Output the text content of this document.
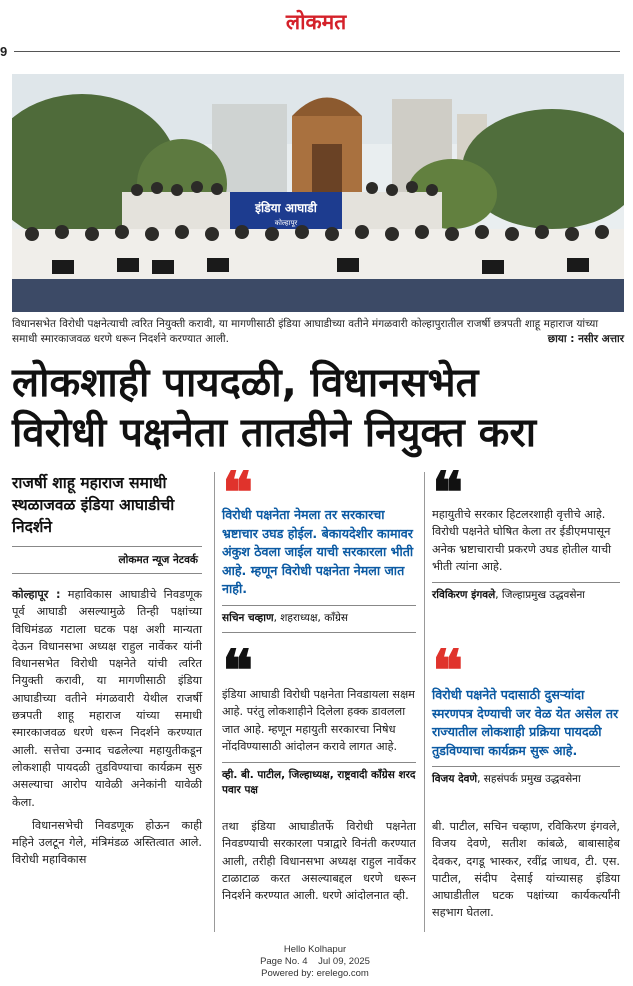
लोकमत
9
इंडिया आघाडी
कोल्हापूर
विधानसभेत विरोधी पक्षनेत्याची त्वरित नियुक्ती करावी, या मागणीसाठी इंडिया आघाडीच्या वतीने मंगळवारी कोल्हापुरातील राजर्षी छत्रपती शाहू महाराज यांच्या समाधी स्मारकाजवळ धरणे धरून निदर्शने करण्यात आली.	छाया : नसीर अत्तार
लोकशाही पायदळी, विधानसभेत
विरोधी पक्षनेता तातडीने नियुक्त करा
राजर्षी शाहू महाराज समाधी स्थळाजवळ इंडिया आघाडीची निदर्शने
लोकमत न्यूज नेटवर्क

कोल्हापूर : महाविकास आघाडीचे निवडणूक पूर्व आघाडी असल्यामुळे तिन्ही पक्षांच्या विधिमंडळ गटाला घटक पक्ष अशी मान्यता देऊन विधानसभा अध्यक्ष राहुल नार्वेकर यांनी विधानसभेत विरोधी पक्षनेते यांची त्वरित नियुक्ती करावी, या मागणीसाठी इंडिया आघाडीच्या वतीने मंगळवारी येथील राजर्षी छत्रपती शाहू महाराज यांच्या समाधी स्मारकाजवळ धरणे धरून निदर्शने करण्यात आली. सत्तेचा उन्माद चढलेल्या महायुतीकडून लोकशाही पायदळी तुडविण्याचा कार्यक्रम सुरु असल्याचा आरोप यावेळी अनेकांनी यावेळी केला.

विधानसभेची निवडणूक होऊन काही महिने उलटून गेले, मंत्रिमंडळ अस्तित्वात आले. विरोधी महाविकास

❝
विरोधी पक्षनेता नेमला तर सरकारचा भ्रष्टाचार उघड होईल. बेकायदेशीर कामावर अंकुश ठेवला जाईल याची सरकारला भीती आहे. म्हणून विरोधी पक्षनेता नेमला जात नाही.
सचिन चव्हाण, शहराध्यक्ष, काँग्रेस
❝
इंडिया आघाडी विरोधी पक्षनेता निवडायला सक्षम आहे. परंतु लोकशाहीने दिलेला हक्क डावलला जात आहे. म्हणून महायुती सरकारचा निषेध नोंदविण्यासाठी आंदोलन करावे लागत आहे.
व्ही. बी. पाटील, जिल्हाध्यक्ष, राष्ट्रवादी काँग्रेस शरद पवार पक्ष
❝
महायुतीचे सरकार हिटलरशाही वृत्तीचे आहे. विरोधी पक्षनेते घोषित केला तर ईडीएमपासून अनेक भ्रष्टाचाराची प्रकरणे उघड होतील याची भीती त्यांना आहे.
रविकिरण इंगवले, जिल्हाप्रमुख उद्धवसेना
❝
विरोधी पक्षनेते पदासाठी दुसऱ्यांदा स्मरणपत्र देण्याची जर वेळ येत असेल तर राज्यातील लोकशाही प्रक्रिया पायदळी तुडविण्याचा कार्यक्रम सुरू आहे.
विजय देवणे, सहसंपर्क प्रमुख उद्धवसेना
तथा इंडिया आघाडीतर्फे विरोधी पक्षनेता निवडण्याची सरकारला पत्राद्वारे विनंती करण्यात आली, तरीही विधानसभा अध्यक्ष राहुल नार्वेकर टाळाटाळ करत असल्याबद्दल धरणे धरून निदर्शने करण्यात आली. धरणे आंदोलनात व्ही.
बी. पाटील, सचिन चव्हाण, रविकिरण इंगवले, विजय देवणे, सतीश कांबळे, बाबासाहेब देवकर, दगडू भास्कर, रवींद्र जाधव, टी. एस. पाटील, संदीप देसाई यांच्यासह इंडिया आघाडीतील घटक पक्षांच्या कार्यकर्त्यांनी सहभाग घेतला.
Hello Kolhapur
Page No. 4    Jul 09, 2025
Powered by: erelego.com
